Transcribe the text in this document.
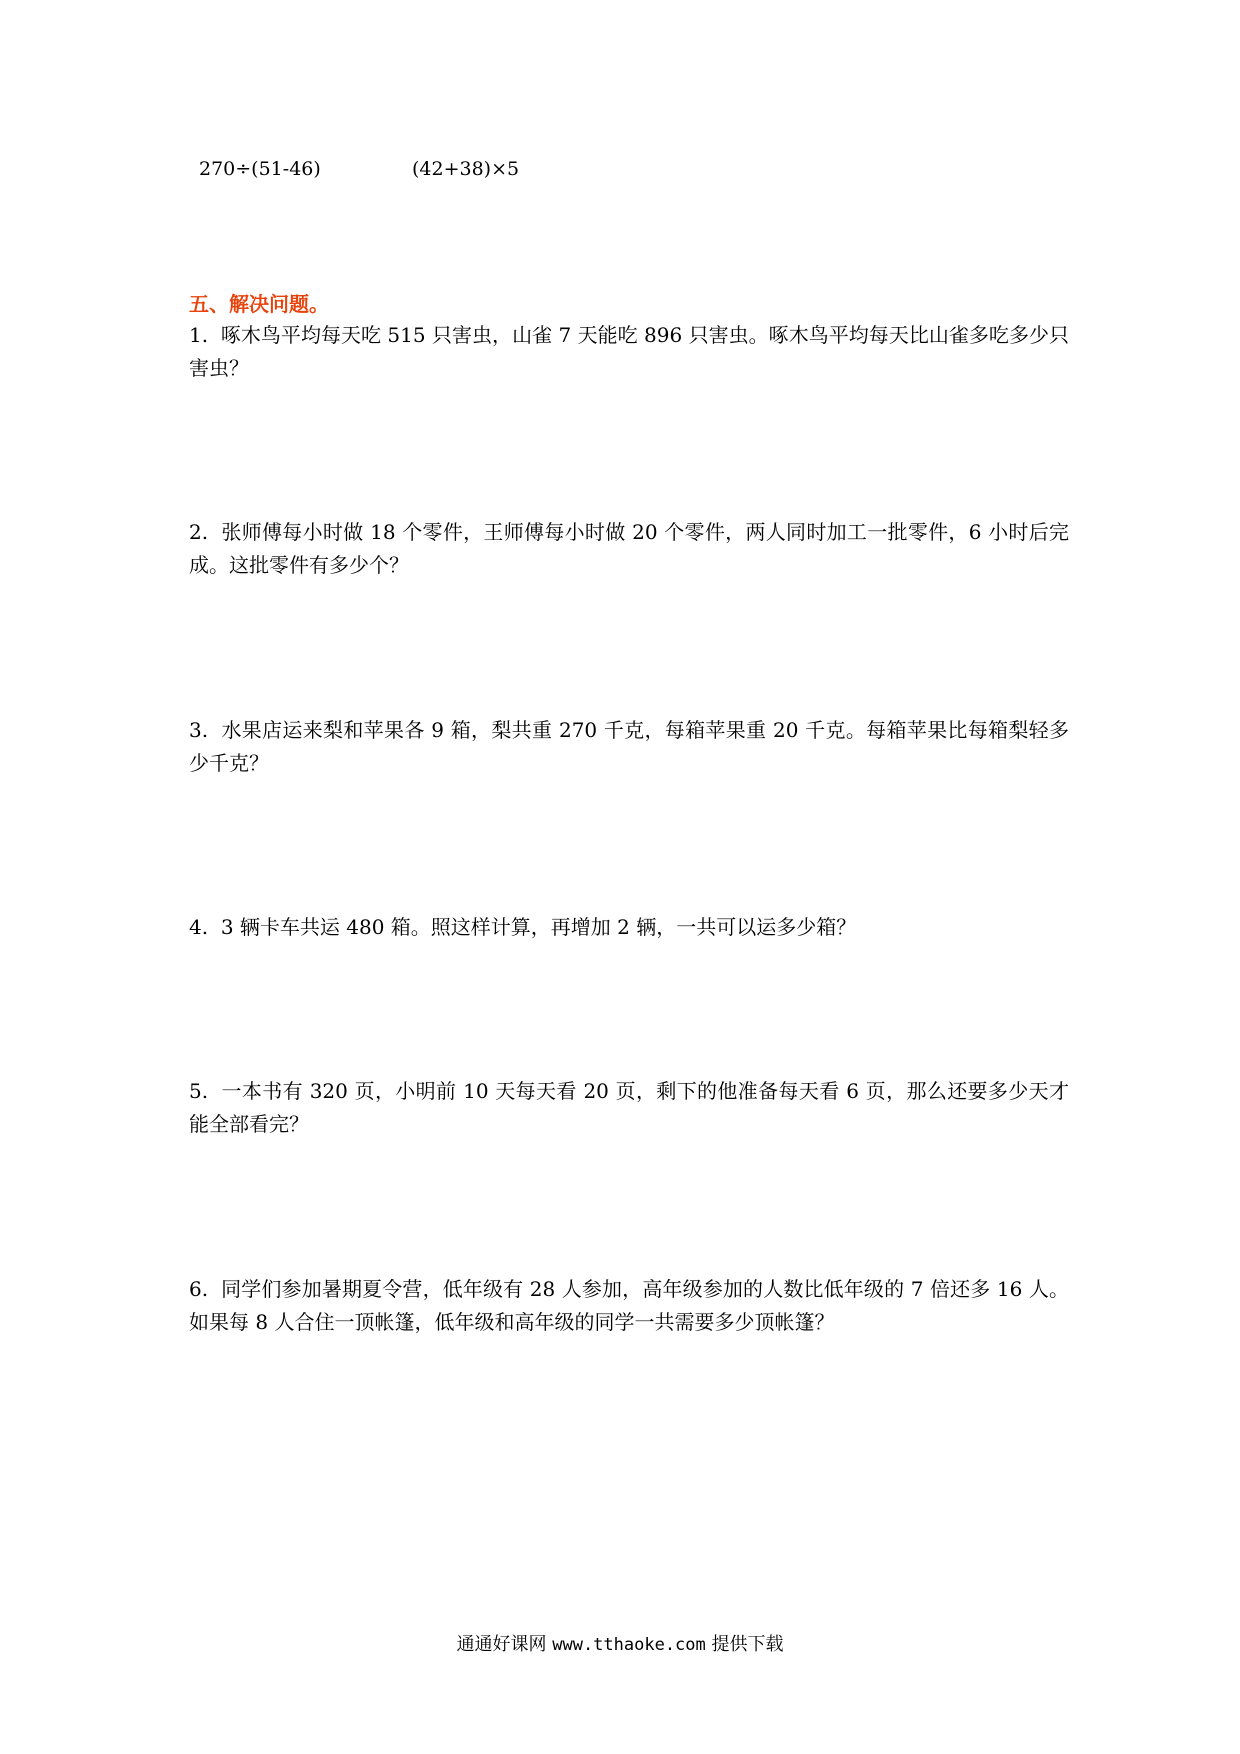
270÷(51-46)	(42+38)×5
五、解决问题。
1. 啄木鸟平均每天吃 515 只害虫，山雀 7 天能吃 896 只害虫。啄木鸟平均每天比山雀多吃多少只害虫？
2. 张师傅每小时做 18 个零件，王师傅每小时做 20 个零件，两人同时加工一批零件，6 小时后完成。这批零件有多少个？
3. 水果店运来梨和苹果各 9 箱，梨共重 270 千克，每箱苹果重 20 千克。每箱苹果比每箱梨轻多少千克？
4. 3 辆卡车共运 480 箱。照这样计算，再增加 2 辆，一共可以运多少箱？
5. 一本书有 320 页，小明前 10 天每天看 20 页，剩下的他准备每天看 6 页，那么还要多少天才能全部看完？
6. 同学们参加暑期夏令营，低年级有 28 人参加，高年级参加的人数比低年级的 7 倍还多 16 人。如果每 8 人合住一顶帐篷，低年级和高年级的同学一共需要多少顶帐篷？
通通好课网 www.tthaoke.com 提供下载
